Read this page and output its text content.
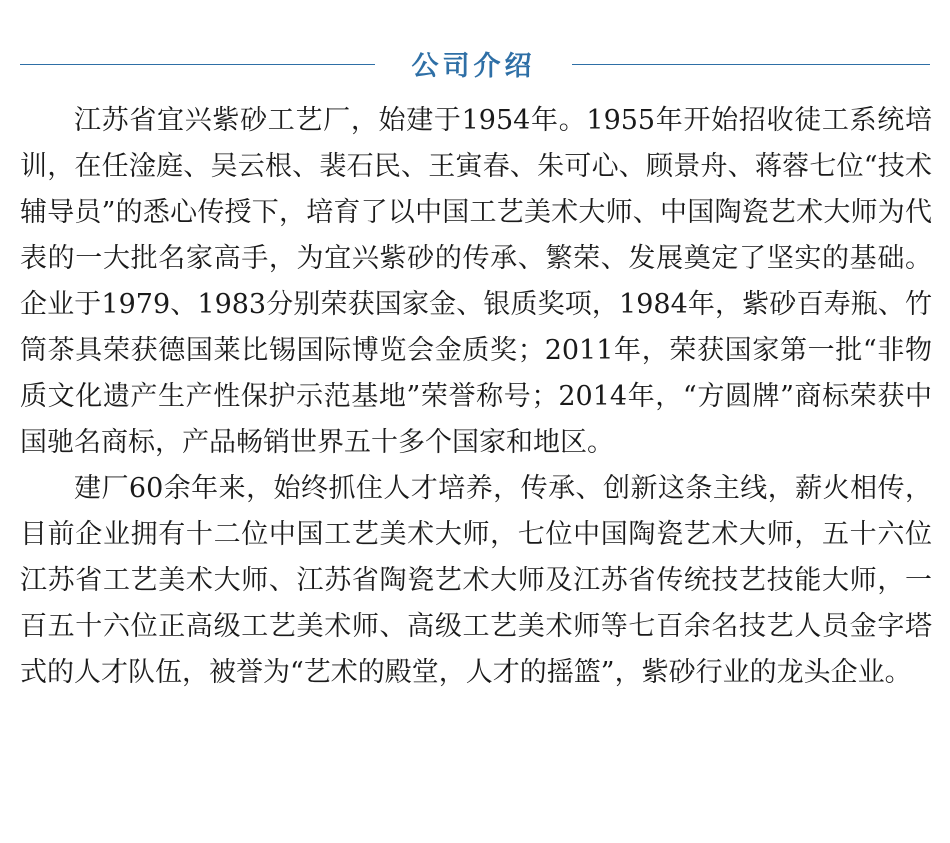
公司介绍

江苏省宜兴紫砂工艺厂，始建于1954年。1955年开始招收徒工系统培训，在任淦庭、吴云根、裴石民、王寅春、朱可心、顾景舟、蒋蓉七位“技术辅导员”的悉心传授下，培育了以中国工艺美术大师、中国陶瓷艺术大师为代表的一大批名家高手，为宜兴紫砂的传承、繁荣、发展奠定了坚实的基础。企业于1979、1983分别荣获国家金、银质奖项，1984年，紫砂百寿瓶、竹筒茶具荣获德国莱比锡国际博览会金质奖；2011年，荣获国家第一批“非物质文化遗产生产性保护示范基地”荣誉称号；2014年，“方圆牌”商标荣获中国驰名商标，产品畅销世界五十多个国家和地区。

建厂60余年来，始终抓住人才培养，传承、创新这条主线，薪火相传，目前企业拥有十二位中国工艺美术大师，七位中国陶瓷艺术大师，五十六位江苏省工艺美术大师、江苏省陶瓷艺术大师及江苏省传统技艺技能大师，一百五十六位正高级工艺美术师、高级工艺美术师等七百余名技艺人员金字塔式的人才队伍，被誉为“艺术的殿堂，人才的摇篮”，紫砂行业的龙头企业。
